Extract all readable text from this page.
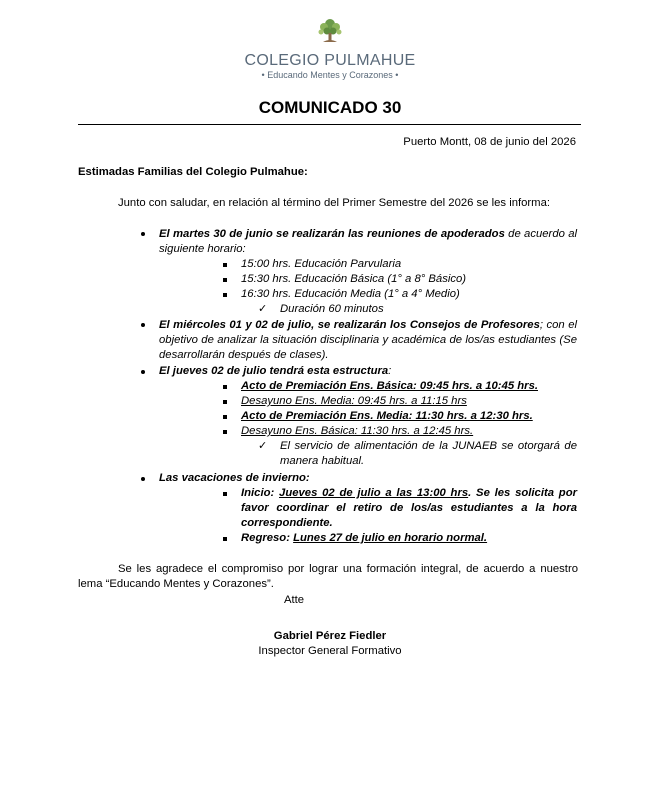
COLEGIO PULMAHUE
• Educando Mentes y Corazones •
COMUNICADO 30
Puerto Montt, 08 de junio del 2026
Estimadas Familias del Colegio Pulmahue:
Junto con saludar, en relación al término del Primer Semestre del 2026 se les informa:
El martes 30 de junio se realizarán las reuniones de apoderados de acuerdo al siguiente horario:
15:00 hrs. Educación Parvularia
15:30 hrs. Educación Básica (1° a 8° Básico)
16:30 hrs. Educación Media (1° a 4° Medio)
✓ Duración 60 minutos
El miércoles 01 y 02 de julio, se realizarán los Consejos de Profesores; con el objetivo de analizar la situación disciplinaria y académica de los/as estudiantes (Se desarrollarán después de clases).
El jueves 02 de julio tendrá esta estructura:
Acto de Premiación Ens. Básica: 09:45 hrs. a 10:45 hrs.
Desayuno Ens. Media: 09:45 hrs. a 11:15 hrs
Acto de Premiación Ens. Media: 11:30 hrs. a 12:30 hrs.
Desayuno Ens. Básica: 11:30 hrs. a 12:45 hrs.
✓ El servicio de alimentación de la JUNAEB se otorgará de manera habitual.
Las vacaciones de invierno:
Inicio: Jueves 02 de julio a las 13:00 hrs. Se les solicita por favor coordinar el retiro de los/as estudiantes a la hora correspondiente.
Regreso: Lunes 27 de julio en horario normal.
Se les agradece el compromiso por lograr una formación integral, de acuerdo a nuestro lema “Educando Mentes y Corazones”.
Atte
Gabriel Pérez Fiedler
Inspector General Formativo
